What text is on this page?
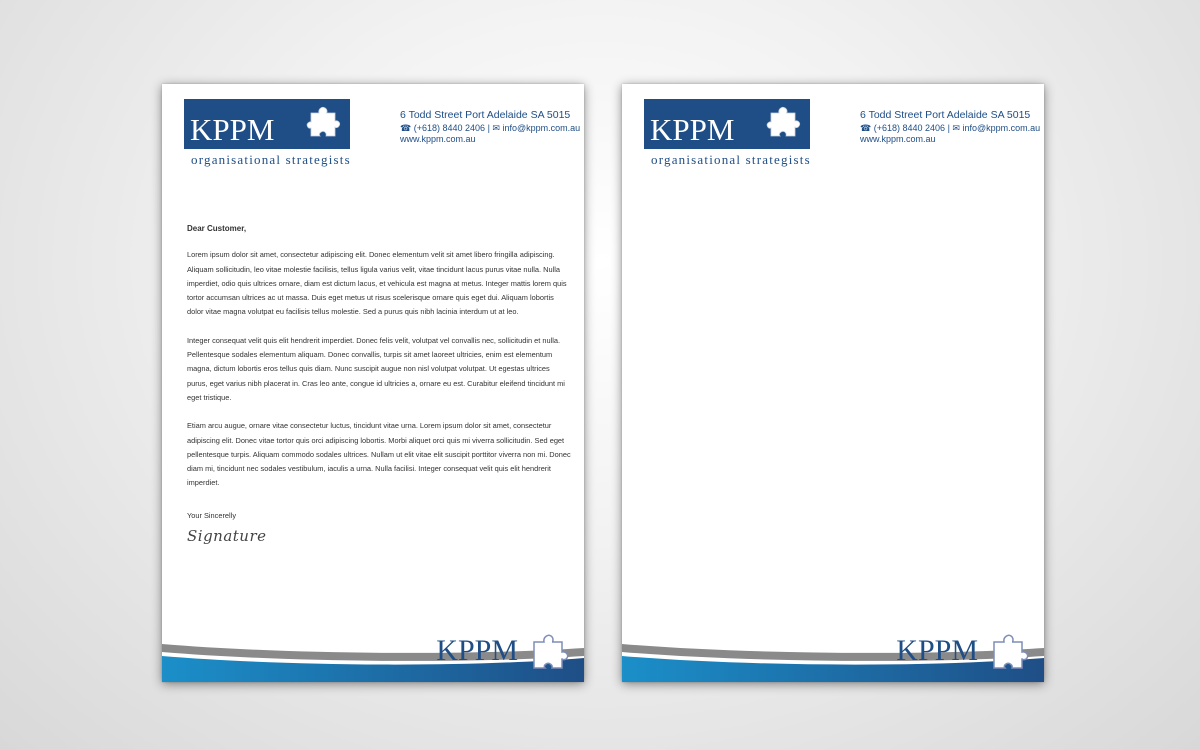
KPPM
organisational strategists
6 Todd Street Port Adelaide SA 5015
☎ (+618) 8440 2406 | ✉ info@kppm.com.au
www.kppm.com.au

Dear Customer,

Lorem ipsum dolor sit amet, consectetur adipiscing elit. Donec elementum velit sit amet libero fringilla adipiscing. Aliquam sollicitudin, leo vitae molestie facilisis, tellus ligula varius velit, vitae tincidunt lacus purus vitae nulla. Nulla imperdiet, odio quis ultrices ornare, diam est dictum lacus, et vehicula est magna at metus. Integer mattis lorem quis tortor accumsan ultrices ac ut massa. Duis eget metus ut risus scelerisque ornare quis eget dui. Aliquam lobortis dolor vitae magna volutpat eu facilisis tellus molestie. Sed a purus quis nibh lacinia interdum ut at leo.

Integer consequat velit quis elit hendrerit imperdiet. Donec felis velit, volutpat vel convallis nec, sollicitudin et nulla. Pellentesque sodales elementum aliquam. Donec convallis, turpis sit amet laoreet ultricies, enim est elementum magna, dictum lobortis eros tellus quis diam. Nunc suscipit augue non nisl volutpat volutpat. Ut egestas ultrices purus, eget varius nibh placerat in. Cras leo ante, congue id ultricies a, ornare eu est. Curabitur eleifend tincidunt mi eget tristique.

Etiam arcu augue, ornare vitae consectetur luctus, tincidunt vitae urna. Lorem ipsum dolor sit amet, consectetur adipiscing elit. Donec vitae tortor quis orci adipiscing lobortis. Morbi aliquet orci quis mi viverra sollicitudin. Sed eget pellentesque turpis. Aliquam commodo sodales ultrices. Nullam ut elit vitae elit suscipit porttitor viverra non mi. Donec diam mi, tincidunt nec sodales vestibulum, iaculis a urna. Nulla facilisi. Integer consequat velit quis elit hendrerit imperdiet.

Your Sincerelly
Signature
KPPM
KPPM
organisational strategists
6 Todd Street Port Adelaide SA 5015
☎ (+618) 8440 2406 | ✉ info@kppm.com.au
www.kppm.com.au
KPPM
